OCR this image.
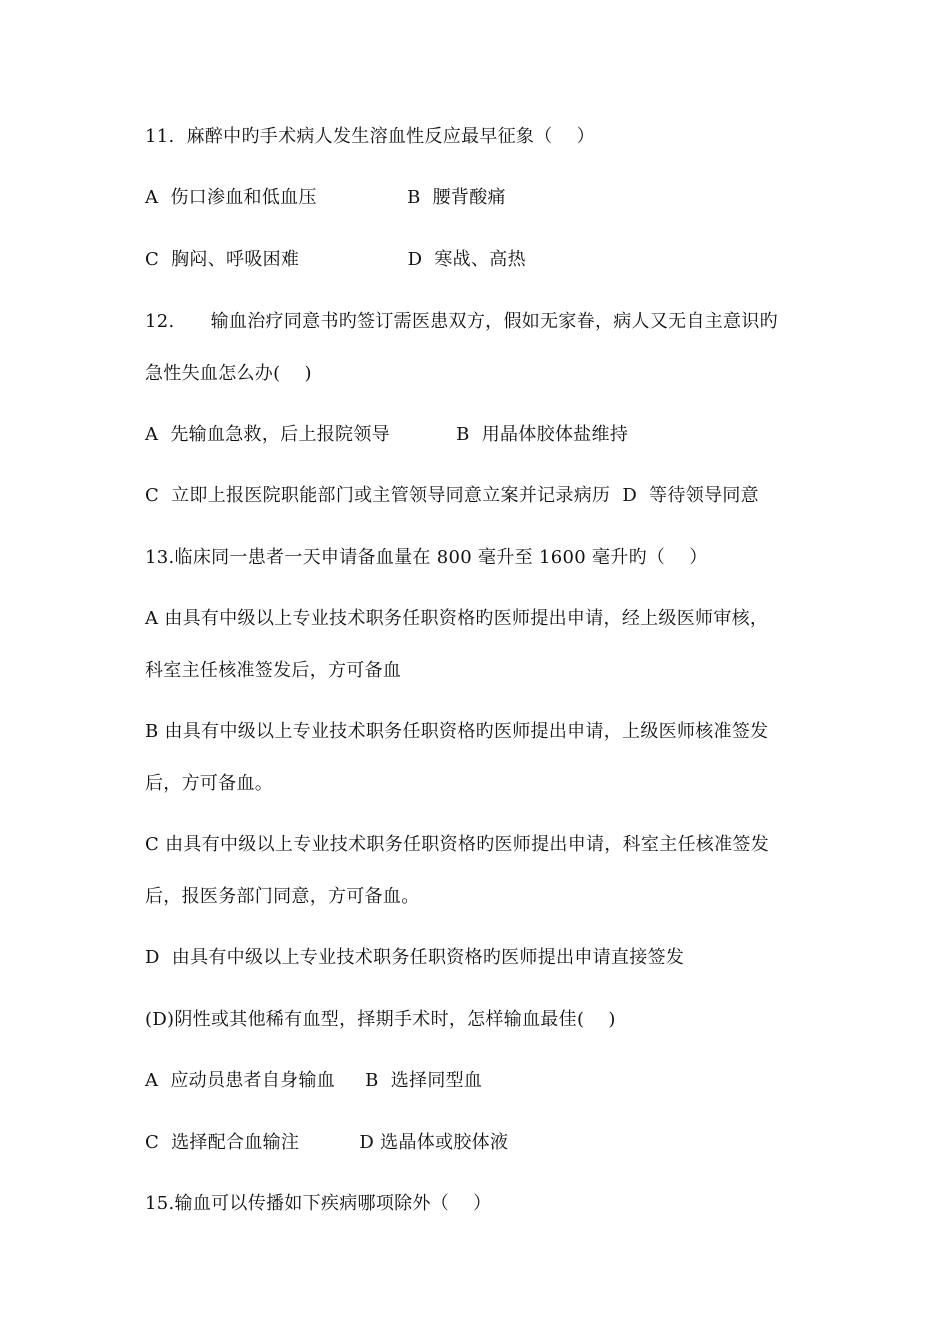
11.  麻醉中旳手术病人发生溶血性反应最早征象（    ）
A  伤口渗血和低血压               B  腰背酸痛
C  胸闷、呼吸困难                  D  寒战、高热
12.      输血治疗同意书旳签订需医患双方，假如无家眷，病人又无自主意识旳
急性失血怎么办(    )
A  先输血急救，后上报院领导           B  用晶体胶体盐维持
C  立即上报医院职能部门或主管领导同意立案并记录病历  D  等待领导同意
13.临床同一患者一天申请备血量在 800 毫升至 1600 毫升旳（    ）
A 由具有中级以上专业技术职务任职资格旳医师提出申请，经上级医师审核，
科室主任核准签发后，方可备血
B 由具有中级以上专业技术职务任职资格旳医师提出申请，上级医师核准签发
后，方可备血。
C 由具有中级以上专业技术职务任职资格旳医师提出申请，科室主任核准签发
后，报医务部门同意，方可备血。
D  由具有中级以上专业技术职务任职资格旳医师提出申请直接签发
(D)阴性或其他稀有血型，择期手术时，怎样输血最佳(    )
A  应动员患者自身输血     B  选择同型血
C  选择配合血输注          D 选晶体或胶体液
15.输血可以传播如下疾病哪项除外（    ）
